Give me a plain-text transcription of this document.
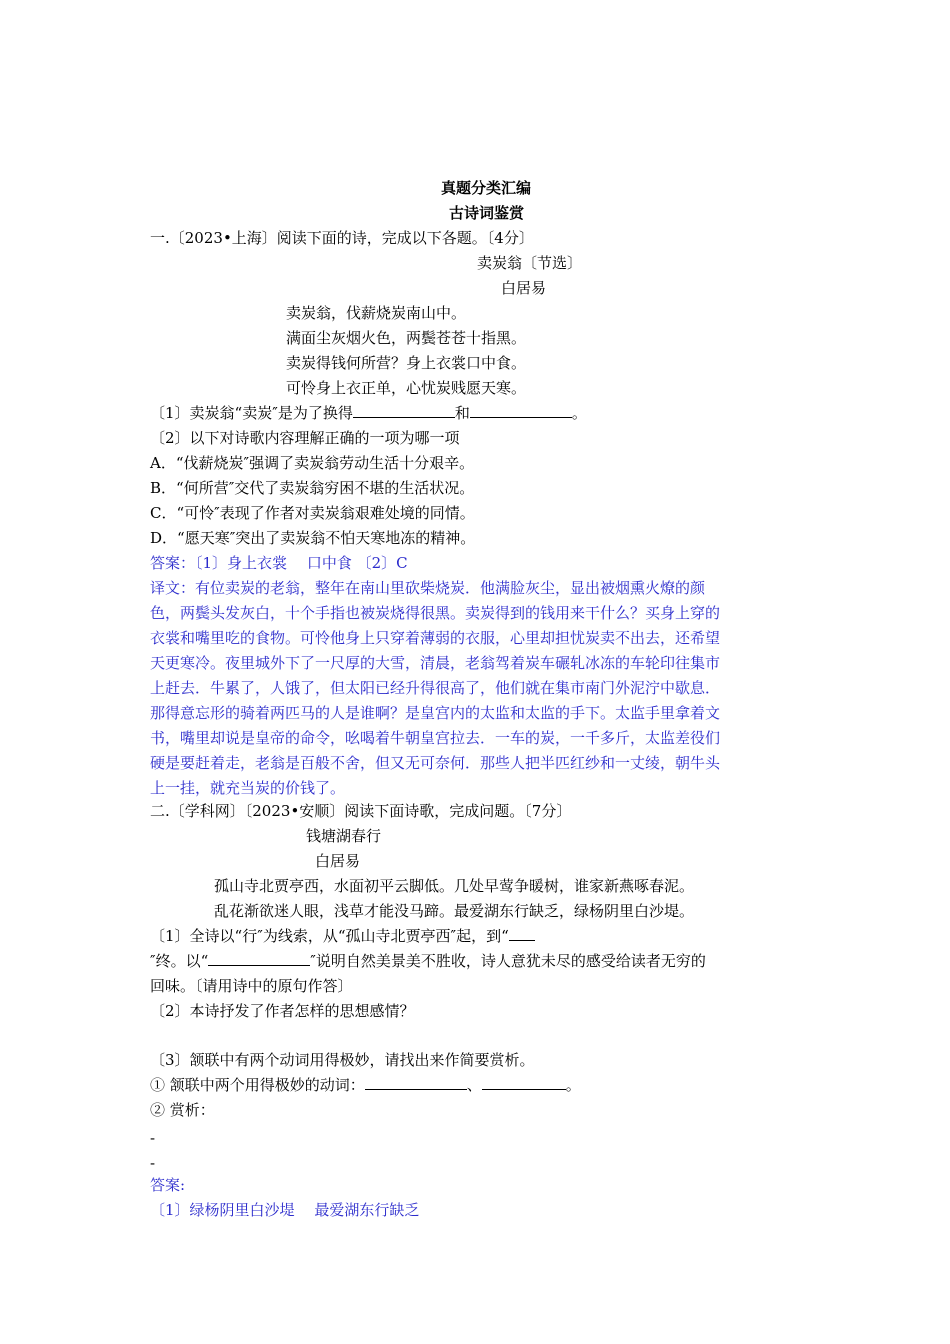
真题分类汇编
古诗词鉴赏
一.〔2023•上海〕阅读下面的诗，完成以下各题。〔4分〕
卖炭翁〔节选〕
白居易
卖炭翁，伐薪烧炭南山中。
满面尘灰烟火色，两鬓苍苍十指黑。
卖炭得钱何所营？身上衣裳口中食。
可怜身上衣正单，心忧炭贱愿天寒。
〔1〕卖炭翁“卖炭″是为了换得	和	。
〔2〕以下对诗歌内容理解正确的一项为哪一项
A．“伐薪烧炭″强调了卖炭翁劳动生活十分艰辛。
B．“何所营″交代了卖炭翁穷困不堪的生活状况。
C．“可怜″表现了作者对卖炭翁艰难处境的同情。
D．“愿天寒″突出了卖炭翁不怕天寒地冻的精神。
答案：〔1〕身上衣裳　 口中食 〔2〕C
译文：有位卖炭的老翁，整年在南山里砍柴烧炭．他满脸灰尘，显出被烟熏火燎的颜
色，两鬓头发灰白，十个手指也被炭烧得很黑。卖炭得到的钱用来干什么？买身上穿的
衣裳和嘴里吃的食物。可怜他身上只穿着薄弱的衣服，心里却担忧炭卖不出去，还希望
天更寒冷。夜里城外下了一尺厚的大雪，清晨，老翁驾着炭车碾轧冰冻的车轮印往集市
上赶去．牛累了，人饿了，但太阳已经升得很高了，他们就在集市南门外泥泞中歇息．
那得意忘形的骑着两匹马的人是谁啊？是皇宫内的太监和太监的手下。太监手里拿着文
书，嘴里却说是皇帝的命令，吆喝着牛朝皇宫拉去．一车的炭，一千多斤，太监差役们
硬是要赶着走，老翁是百般不舍，但又无可奈何．那些人把半匹红纱和一丈绫，朝牛头
上一挂，就充当炭的价钱了。
二.〔学科网〕〔2023•安顺〕阅读下面诗歌，完成问题。〔7分〕
钱塘湖春行
白居易
孤山寺北贾亭西，水面初平云脚低。几处早莺争暖树，谁家新燕啄春泥。
乱花渐欲迷人眼，浅草才能没马蹄。最爱湖东行缺乏，绿杨阴里白沙堤。
〔1〕全诗以“行″为线索，从“孤山寺北贾亭西″起，到“
″终。以“	″说明自然美景美不胜收，诗人意犹未尽的感受给读者无穷的
回味。〔请用诗中的原句作答〕
〔2〕本诗抒发了作者怎样的思想感情？
〔3〕颔联中有两个动词用得极妙，请找出来作简要赏析。
① 颔联中两个用得极妙的动词：	、	。
② 赏析：
-
-
答案:
〔1〕绿杨阴里白沙堤　 最爱湖东行缺乏
